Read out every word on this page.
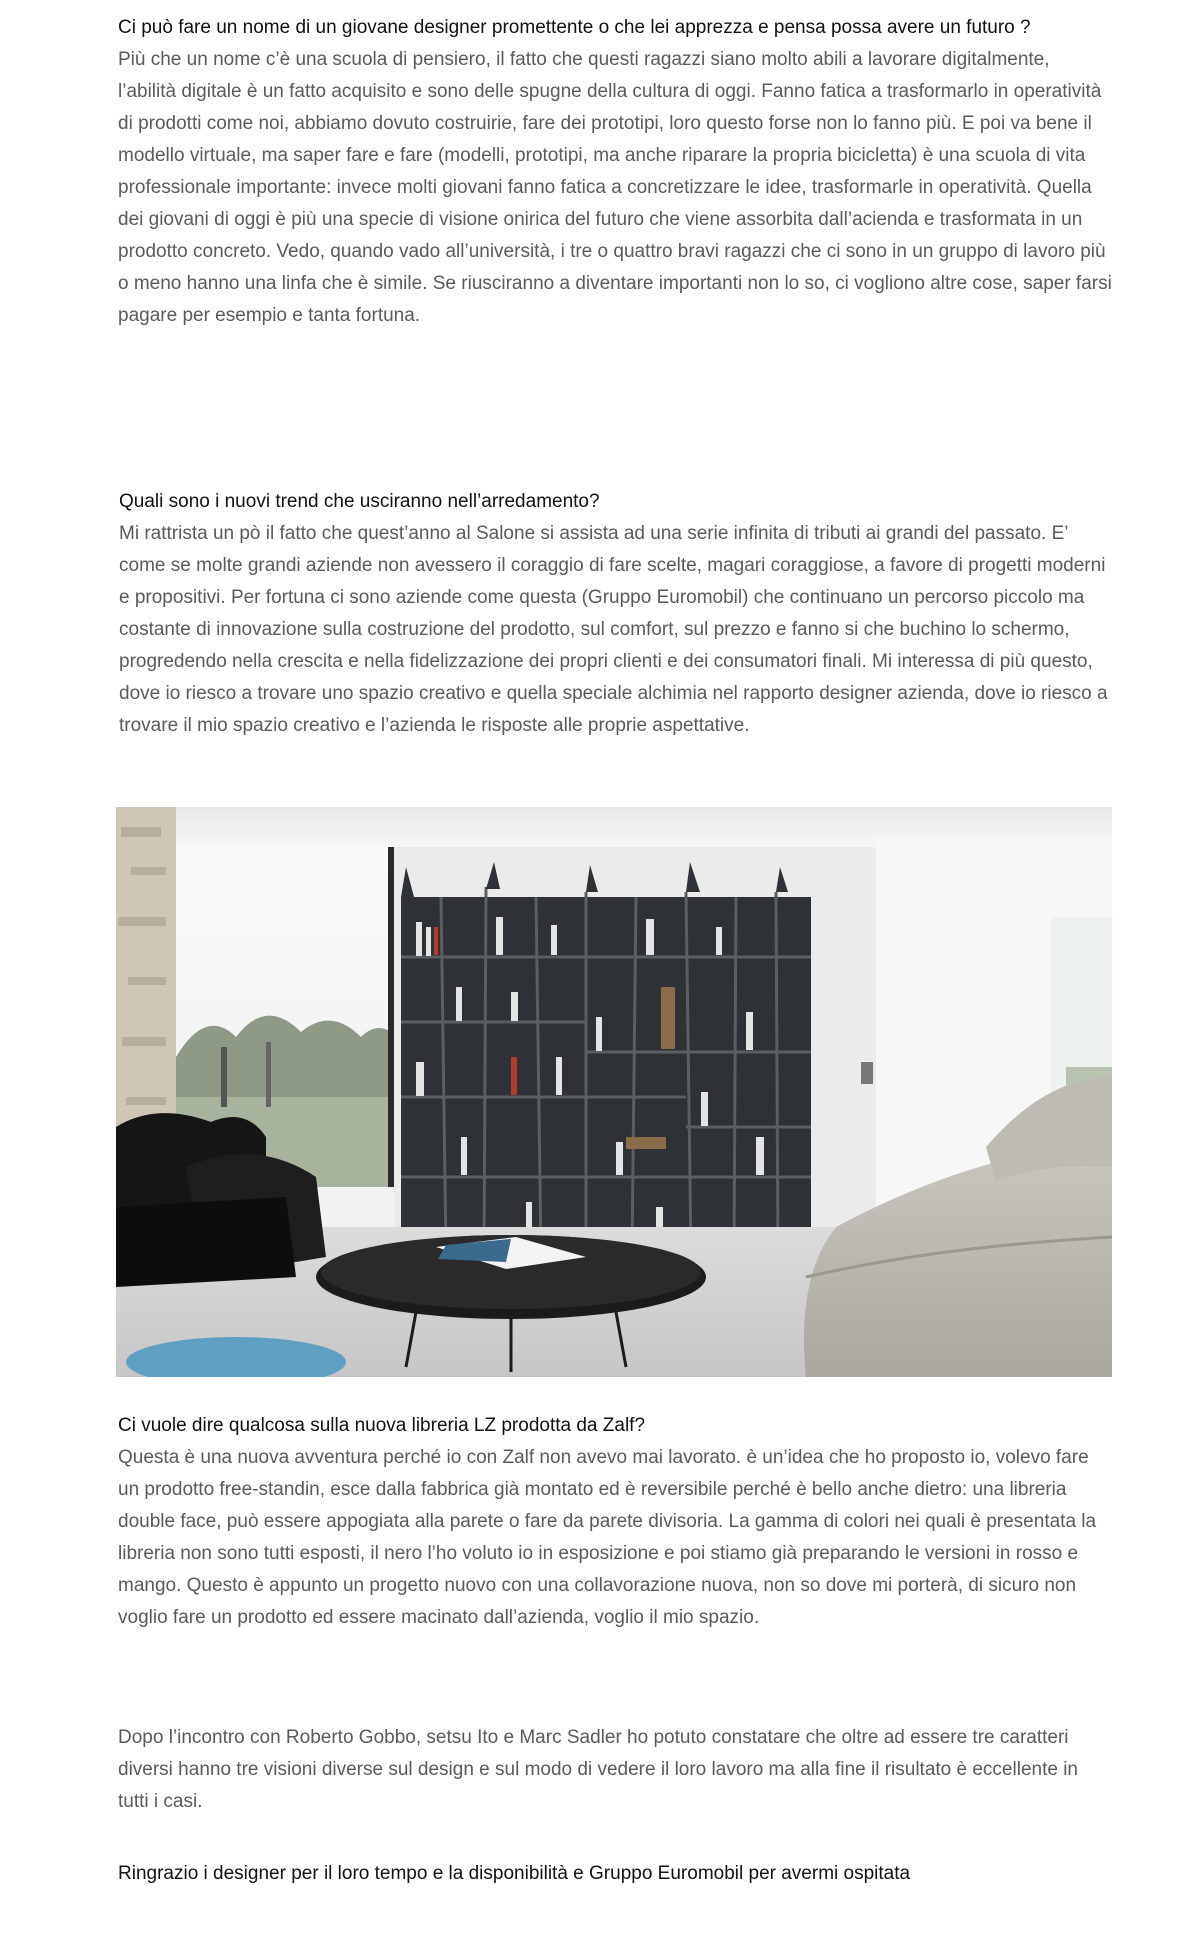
Ci può fare un nome di un giovane designer promettente o che lei apprezza e pensa possa avere un futuro ?

Più che un nome c’è una scuola di pensiero, il fatto che questi ragazzi siano molto abili a lavorare digitalmente, l’abilità digitale è un fatto acquisito e sono delle spugne della cultura di oggi. Fanno fatica a trasformarlo in operatività di prodotti come noi, abbiamo dovuto costruirie, fare dei prototipi, loro questo forse non lo fanno più. E poi va bene il modello virtuale, ma saper fare e fare (modelli, prototipi, ma anche riparare la propria bicicletta) è una scuola di vita professionale importante: invece molti giovani fanno fatica a concretizzare le idee, trasformarle in operatività. Quella dei giovani di oggi è più una specie di visione onirica del futuro che viene assorbita dall’acienda e trasformata in un prodotto concreto. Vedo, quando vado all’università, i tre o quattro bravi ragazzi che ci sono in un gruppo di lavoro più o meno hanno una linfa che è simile. Se riusciranno a diventare importanti non lo so, ci vogliono altre cose, saper farsi pagare per esempio e tanta fortuna.

Quali sono i nuovi trend che usciranno nell’arredamento?

Mi rattrista un pò il fatto che quest’anno al Salone si assista ad una serie infinita di tributi ai grandi del passato. E’ come se molte grandi aziende non avessero il coraggio di fare scelte, magari coraggiose, a favore di progetti moderni e propositivi. Per fortuna ci sono aziende come questa (Gruppo Euromobil) che continuano un percorso piccolo ma costante di innovazione sulla costruzione del prodotto, sul comfort, sul prezzo e fanno si che buchino lo schermo, progredendo nella crescita e nella fidelizzazione dei propri clienti e dei consumatori finali. Mi interessa di più questo, dove io riesco a trovare uno spazio creativo e quella speciale alchimia nel rapporto designer azienda, dove io riesco a trovare il mio spazio creativo e l’azienda le risposte alle proprie aspettative.

Ci vuole dire qualcosa sulla nuova libreria LZ prodotta da Zalf?

Questa è una nuova avventura perché io con Zalf non avevo mai lavorato. è un’idea che ho proposto io, volevo fare un prodotto free-standin, esce dalla fabbrica già montato ed è reversibile perché è bello anche dietro: una libreria double face, può essere appogiata alla parete o fare da parete divisoria. La gamma di colori nei quali è presentata la libreria non sono tutti esposti, il nero l’ho voluto io in esposizione e poi stiamo già preparando le versioni in rosso e mango. Questo è appunto un progetto nuovo con una collavorazione nuova, non so dove mi porterà, di sicuro non voglio fare un prodotto ed essere macinato dall’azienda, voglio il mio spazio.

Dopo l’incontro con Roberto Gobbo, setsu Ito e Marc Sadler ho potuto constatare che oltre ad essere tre caratteri diversi hanno tre visioni diverse sul design e sul modo di vedere il loro lavoro ma alla fine il risultato è eccellente in tutti i casi.

Ringrazio i designer per il loro tempo e la disponibilità e Gruppo Euromobil per avermi ospitata
